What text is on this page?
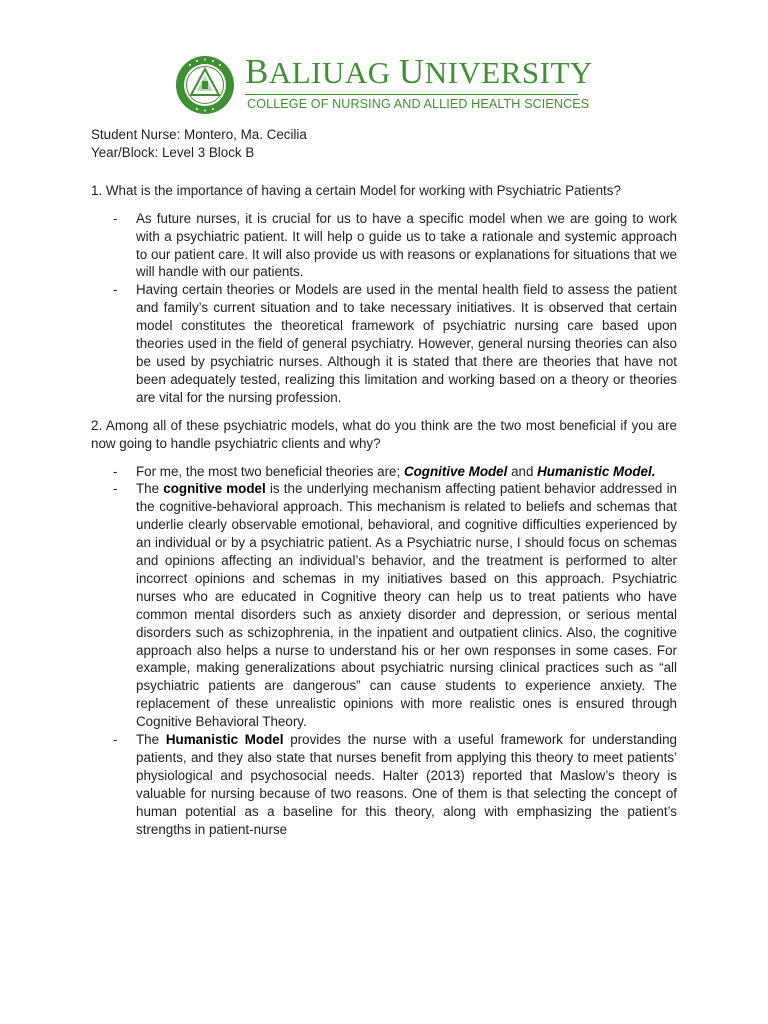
BALIUAG UNIVERSITY
COLLEGE OF NURSING AND ALLIED HEALTH SCIENCES
Student Nurse: Montero, Ma. Cecilia
Year/Block: Level 3 Block B
1. What is the importance of having a certain Model for working with Psychiatric Patients?
- As future nurses, it is crucial for us to have a specific model when we are going to work with a psychiatric patient. It will help o guide us to take a rationale and systemic approach to our patient care. It will also provide us with reasons or explanations for situations that we will handle with our patients.
- Having certain theories or Models are used in the mental health field to assess the patient and family’s current situation and to take necessary initiatives. It is observed that certain model constitutes the theoretical framework of psychiatric nursing care based upon theories used in the field of general psychiatry. However, general nursing theories can also be used by psychiatric nurses. Although it is stated that there are theories that have not been adequately tested, realizing this limitation and working based on a theory or theories are vital for the nursing profession.
2. Among all of these psychiatric models, what do you think are the two most beneficial if you are now going to handle psychiatric clients and why?
- For me, the most two beneficial theories are; Cognitive Model and Humanistic Model.
- The cognitive model is the underlying mechanism affecting patient behavior addressed in the cognitive-behavioral approach. This mechanism is related to beliefs and schemas that underlie clearly observable emotional, behavioral, and cognitive difficulties experienced by an individual or by a psychiatric patient. As a Psychiatric nurse, I should focus on schemas and opinions affecting an individual’s behavior, and the treatment is performed to alter incorrect opinions and schemas in my initiatives based on this approach. Psychiatric nurses who are educated in Cognitive theory can help us to treat patients who have common mental disorders such as anxiety disorder and depression, or serious mental disorders such as schizophrenia, in the inpatient and outpatient clinics. Also, the cognitive approach also helps a nurse to understand his or her own responses in some cases. For example, making generalizations about psychiatric nursing clinical practices such as “all psychiatric patients are dangerous” can cause students to experience anxiety. The replacement of these unrealistic opinions with more realistic ones is ensured through Cognitive Behavioral Theory.
- The Humanistic Model provides the nurse with a useful framework for understanding patients, and they also state that nurses benefit from applying this theory to meet patients’ physiological and psychosocial needs. Halter (2013) reported that Maslow’s theory is valuable for nursing because of two reasons. One of them is that selecting the concept of human potential as a baseline for this theory, along with emphasizing the patient’s strengths in patient-nurse
